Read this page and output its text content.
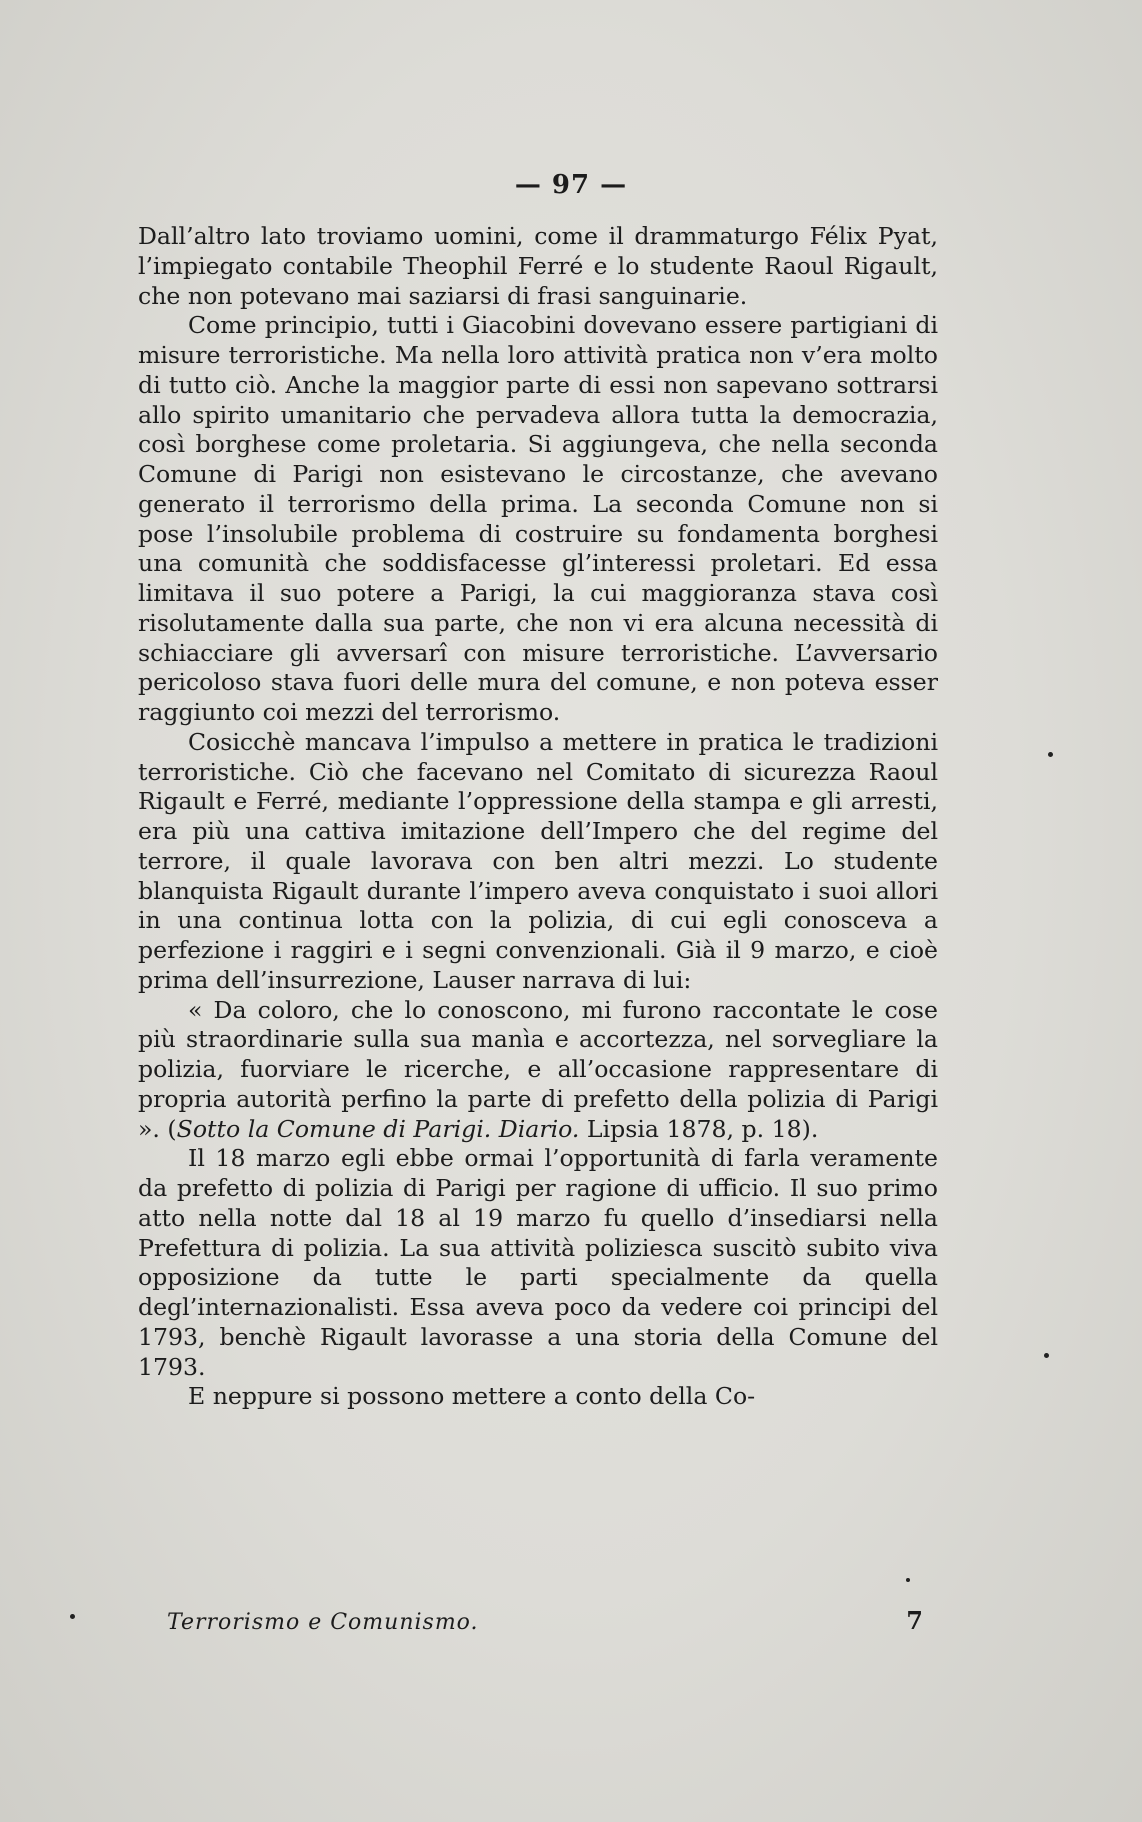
— 97 —

Dall’altro lato troviamo uomini, come il drammaturgo Félix Pyat, l’impiegato contabile Theophil Ferré e lo studente Raoul Rigault, che non potevano mai saziarsi di frasi sanguinarie.

Come principio, tutti i Giacobini dovevano essere partigiani di misure terroristiche. Ma nella loro attività pratica non v’era molto di tutto ciò. Anche la maggior parte di essi non sapevano sottrarsi allo spirito umanitario che pervadeva allora tutta la democrazia, così borghese come proletaria. Si aggiungeva, che nella seconda Comune di Parigi non esistevano le circostanze, che avevano generato il terrorismo della prima. La seconda Comune non si pose l’insolubile problema di costruire su fondamenta borghesi una comunità che soddisfacesse gl’interessi proletari. Ed essa limitava il suo potere a Parigi, la cui maggioranza stava così risolutamente dalla sua parte, che non vi era alcuna necessità di schiacciare gli avversarî con misure terroristiche. L’avversario pericoloso stava fuori delle mura del comune, e non poteva esser raggiunto coi mezzi del terrorismo.

Cosicchè mancava l’impulso a mettere in pratica le tradizioni terroristiche. Ciò che facevano nel Comitato di sicurezza Raoul Rigault e Ferré, mediante l’oppressione della stampa e gli arresti, era più una cattiva imitazione dell’Impero che del regime del terrore, il quale lavorava con ben altri mezzi. Lo studente blanquista Rigault durante l’impero aveva conquistato i suoi allori in una continua lotta con la polizia, di cui egli conosceva a perfezione i raggiri e i segni convenzionali. Già il 9 marzo, e cioè prima dell’insurrezione, Lauser narrava di lui:

« Da coloro, che lo conoscono, mi furono raccontate le cose più straordinarie sulla sua manìa e accortezza, nel sorvegliare la polizia, fuorviare le ricerche, e all’occasione rappresentare di propria autorità perfino la parte di prefetto della polizia di Parigi ». (Sotto la Comune di Parigi. Diario. Lipsia 1878, p. 18).

Il 18 marzo egli ebbe ormai l’opportunità di farla veramente da prefetto di polizia di Parigi per ragione di ufficio. Il suo primo atto nella notte dal 18 al 19 marzo fu quello d’insediarsi nella Prefettura di polizia. La sua attività poliziesca suscitò subito viva opposizione da tutte le parti specialmente da quella degl’internazionalisti. Essa aveva poco da vedere coi principi del 1793, benchè Rigault lavorasse a una storia della Comune del 1793.

E neppure si possono mettere a conto della Co-

Terrorismo e Comunismo.	7
